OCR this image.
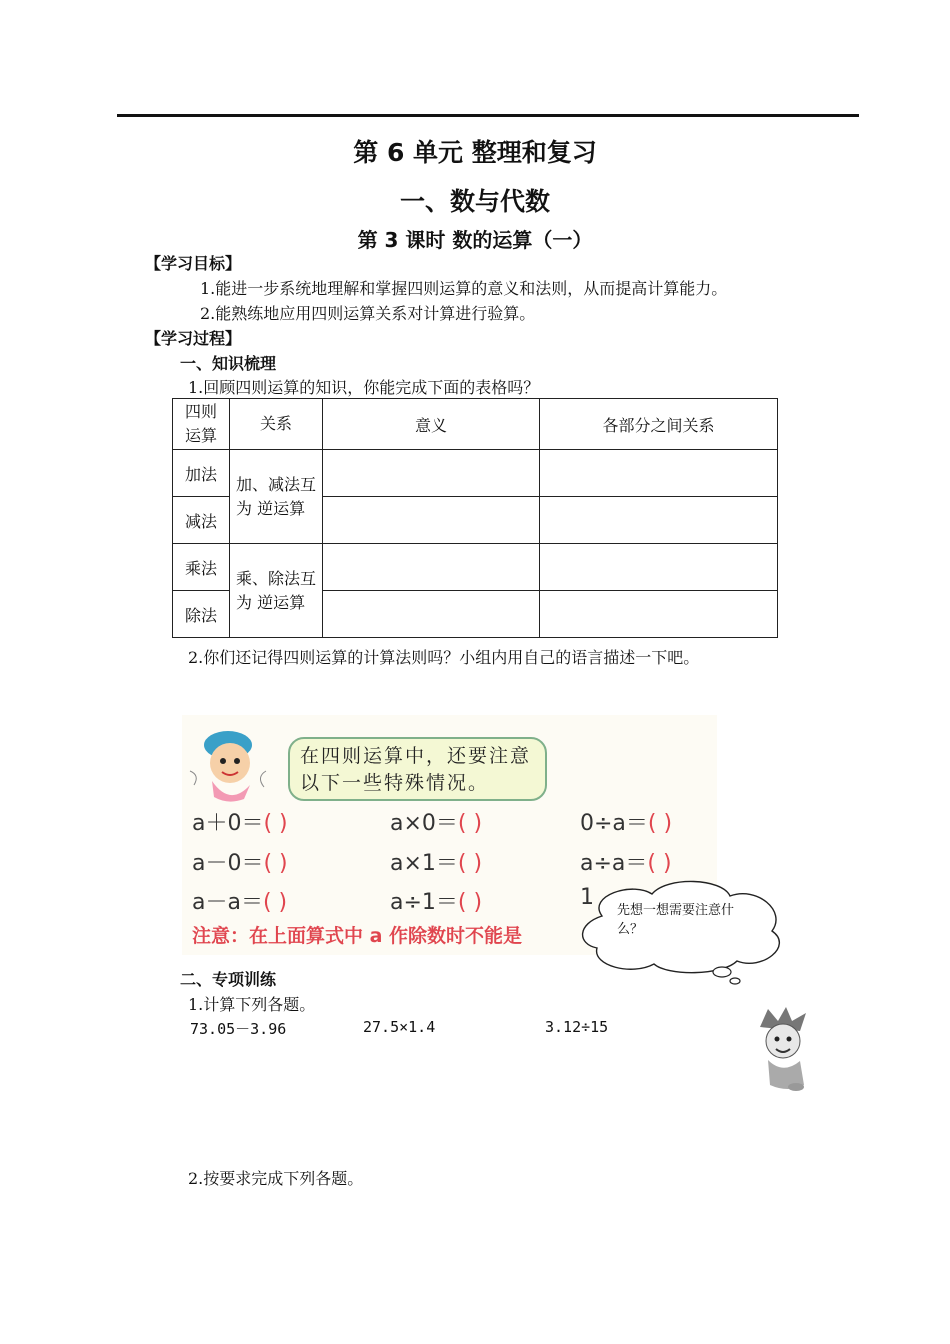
第 6 单元 整理和复习
一、数与代数
第 3 课时 数的运算（一）
【学习目标】
1.能进一步系统地理解和掌握四则运算的意义和法则，从而提高计算能力。
2.能熟练地应用四则运算关系对计算进行验算。
【学习过程】
一、知识梳理
1.回顾四则运算的知识，你能完成下面的表格吗？
四则
运算	关系	意义	各部分之间关系
加法	加、减法互 为 逆运算		
减法			
乘法	乘、除法互 为 逆运算		
除法			
2.你们还记得四则运算的计算法则吗？小组内用自己的语言描述一下吧。
在四则运算中，还要注意以下一些特殊情况。
a＋0＝( )	a×0＝( )	0÷a＝( )
a－0＝( )	a×1＝( )	a÷a＝( )
a－a＝( )	a÷1＝( )	1
注意：在上面算式中 a 作除数时不能是
先想一想需要注意什么？
二、专项训练
1.计算下列各题。
73.05－3.96	27.5×1.4	3.12÷15
2.按要求完成下列各题。
